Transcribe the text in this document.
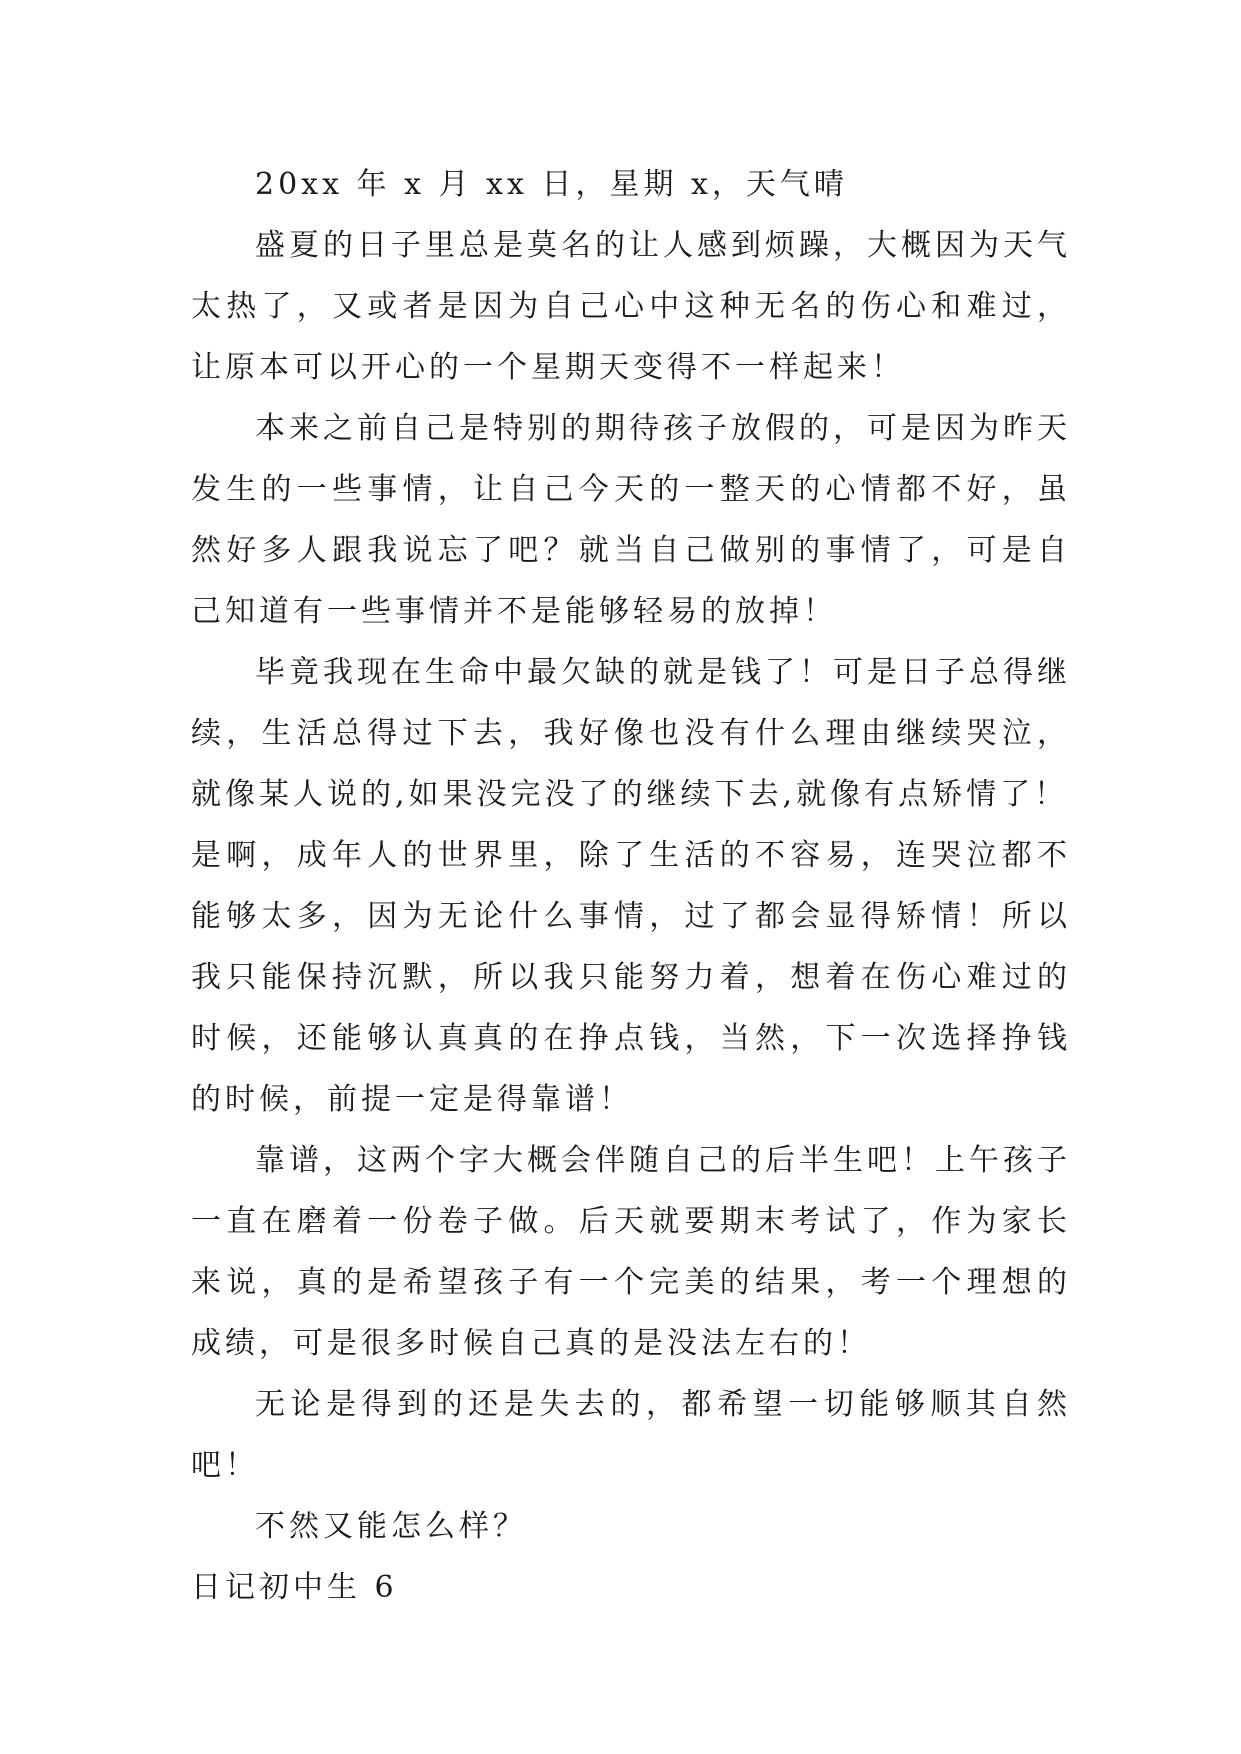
20xx 年 x 月 xx 日，星期 x，天气晴

盛夏的日子里总是莫名的让人感到烦躁，大概因为天气太热了，又或者是因为自己心中这种无名的伤心和难过，让原本可以开心的一个星期天变得不一样起来！

本来之前自己是特别的期待孩子放假的，可是因为昨天发生的一些事情，让自己今天的一整天的心情都不好，虽然好多人跟我说忘了吧？就当自己做别的事情了，可是自己知道有一些事情并不是能够轻易的放掉！

毕竟我现在生命中最欠缺的就是钱了！可是日子总得继续，生活总得过下去，我好像也没有什么理由继续哭泣，就像某人说的,如果没完没了的继续下去,就像有点矫情了！

是啊，成年人的世界里，除了生活的不容易，连哭泣都不能够太多，因为无论什么事情，过了都会显得矫情！所以我只能保持沉默，所以我只能努力着，想着在伤心难过的时候，还能够认真真的在挣点钱，当然，下一次选择挣钱的时候，前提一定是得靠谱！

靠谱，这两个字大概会伴随自己的后半生吧！上午孩子一直在磨着一份卷子做。后天就要期末考试了，作为家长来说，真的是希望孩子有一个完美的结果，考一个理想的成绩，可是很多时候自己真的是没法左右的！

无论是得到的还是失去的，都希望一切能够顺其自然吧！

不然又能怎么样？

日记初中生 6
